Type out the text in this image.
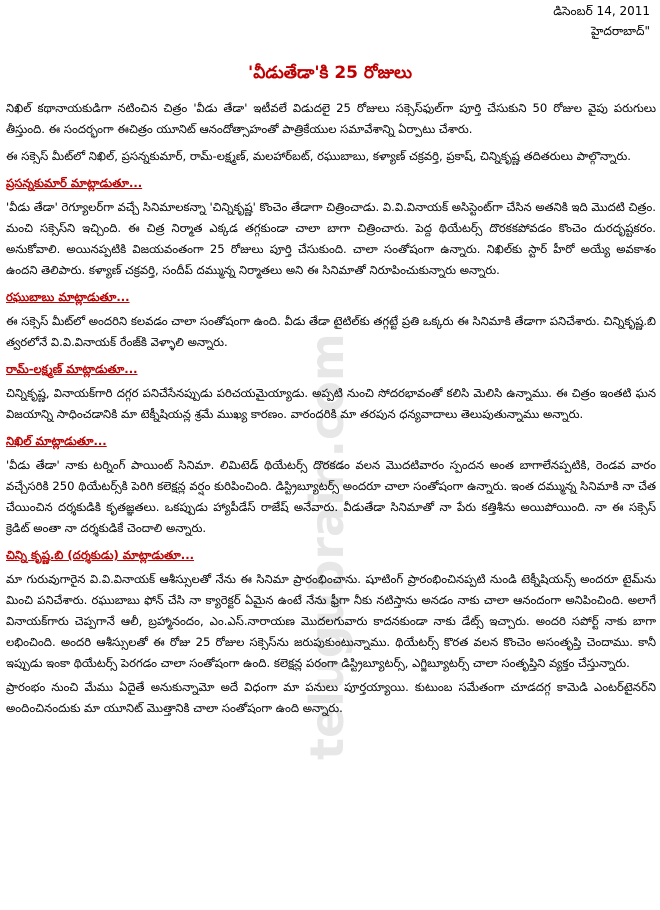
డిసెంబర్ 14, 2011
హైదరాబాద్"
telugubrain.com
'వీడుతేడా'కి 25 రోజులు

నిఖిల్ కథానాయకుడిగా నటించిన చిత్రం 'వీడు తేడా' ఇటీవలే విడుదలై 25 రోజులు సక్సెస్‌ఫుల్‌గా పూర్తి చేసుకుని 50 రోజుల వైపు పరుగులు తీస్తుంది. ఈ సందర్భంగా ఈచిత్రం యూనిట్ ఆనందోత్సాహంతో పాత్రికేయుల సమావేశాన్ని ఏర్పాటు చేశారు.

ఈ సక్సెస్ మీట్‌లో నిఖిల్, ప్రసన్నకుమార్, రామ్-లక్ష్మణ్, మలహార్‌బట్, రఘుబాబు, కళ్యాణ్ చక్రవర్తి, ప్రకాష్, చిన్నికృష్ణ తదితరులు పాల్గొన్నారు.

ప్రసన్నకుమార్ మాట్లాడుతూ...

'వీడు తేడా' రెగ్యూలర్‌గా వచ్చే సినిమాలకన్నా 'చిన్నికృష్ణ' కొంచెం తేడాగా చిత్రించాడు. వి.వి.వినాయక్ అసిస్టెంట్‌గా చేసిన అతనికి ఇది మొదటి చిత్రం. మంచి సక్సెస్‌ని ఇచ్చింది. ఈ చిత్ర నిర్మాత ఎక్కడ తగ్గకుండా చాలా బాగా చిత్రించారు. పెద్ద థియేటర్స్ దొరకకపోవడం కొంచెం దురదృష్టకరం. అనుకోవాలి. అయినప్పటికి విజయవంతంగా 25 రోజులు పూర్తి చేసుకుంది. చాలా సంతోషంగా ఉన్నారు. నిఖిల్‌కు స్టార్ హీరో అయ్యే అవకాశం ఉందని తెలిపారు. కళ్యాణ్ చక్రవర్తి, సందీప్ దమ్మున్న నిర్మాతలు అని ఈ సినిమాతో నిరూపించుకున్నారు అన్నారు.

రఘుబాబు మాట్లాడుతూ...

ఈ సక్సెస్ మీట్‌లో అందరిని కలవడం చాలా సంతోషంగా ఉంది. వీడు తేడా టైటిల్‌కు తగ్గట్టే ప్రతి ఒక్కరు ఈ సినిమాకి తేడాగా పనిచేశారు. చిన్నికృష్ణ.బి త్వరలోనే వి.వి.వినాయక్ రేంజ్‌కి వెళ్ళాలి అన్నారు.

రామ్-లక్ష్మణ్ మాట్లాడుతూ...

చిన్నికృష్ణ, వినాయక్‌గారి దగ్గర పనిచేసేనప్పుడు పరిచయమైయ్యాడు. అప్పటి నుంచి సోదరభావంతో కలిసి మెలిసి ఉన్నాము. ఈ చిత్రం ఇంతటి ఘన విజయాన్ని సాధించడానికి మా టెక్నీషియన్ల శ్రమే ముఖ్య కారణం. వారందరికి మా తరపున ధన్యవాదాలు తెలుపుతున్నాము అన్నారు.

నిఖిల్ మాట్లాడుతూ...

'వీడు తేడా' నాకు టర్నింగ్ పాయింట్ సినిమా. లిమిటెడ్ థియేటర్స్ దొరకడం వలన మొదటివారం స్పందన అంత బాగాలేనప్పటికి, రెండవ వారం వచ్చేసరికి 250 థియేటర్స్‌కి పెరిగి కలెక్షన్ల వర్షం కురిపించింది. డిస్ట్రిబ్యూటర్స్ అందరూ చాలా సంతోషంగా ఉన్నారు. ఇంత దమ్మున్న సినిమాకి నా చేత చేయించిన దర్శకుడికి కృతజ్ఞతలు. ఒకప్పుడు హ్యాపీడేస్ రాజేష్ అనేవారు. వీడుతేడా సినిమాతో నా పేరు కత్తిశీను అయిపోయింది. నా ఈ సక్సెస్ క్రెడిట్ అంతా నా దర్శకుడికే చెందాలి అన్నారు.

చిన్ని కృష్ణ.బి (దర్శకుడు) మాట్లాడుతూ...

మా గురువుగారైన వి.వి.వినాయక్ ఆశీస్సులతో నేను ఈ సినిమా ప్రారంభించాను. షూటింగ్ ప్రారంభించినప్పటి నుండి టెక్నీషియన్స్ అందరూ టైమ్‌ను మించి పనిచేశారు. రఘుబాబు ఫోన్ చేసి నా క్యారెక్టర్ ఏమైన ఉంటే నేను ఫ్రీగా నీకు నటిస్తాను అనడం నాకు చాలా ఆనందంగా అనిపించింది. అలాగే వినాయక్‌గారు చెప్పగానే ఆలీ, బ్రహ్మానందం, ఎం.ఎస్.నారాయణ మొదలగువారు కాదనకుండా నాకు డేట్స్ ఇచ్చారు. అందరి సపోర్ట్ నాకు బాగా లభించింది. అందరి ఆశీస్సులతో ఈ రోజు 25 రోజుల సక్సెస్‌ను జరుపుకుంటున్నాము. థియేటర్స్ కొరత వలన కొంచెం అసంతృప్తి చెందాము. కానీ ఇప్పుడు ఇంకా థియేటర్స్ పెరగడం చాలా సంతోషంగా ఉంది. కలెక్షన్ల పరంగా డిస్ట్రిబ్యూటర్స్, ఎగ్జిబ్యూటర్స్ చాలా సంతృప్తిని వ్యక్తం చేస్తున్నారు.

ప్రారంభం నుంచి మేము ఏదైతే అనుకున్నామో అదే విధంగా మా పనులు పూర్తయ్యాయి. కుటుంబ సమేతంగా చూడదగ్గ కామెడి ఎంటర్‌టైనర్‌ని అందించినందుకు మా యూనిట్ మొత్తానికి చాలా సంతోషంగా ఉంది అన్నారు.
